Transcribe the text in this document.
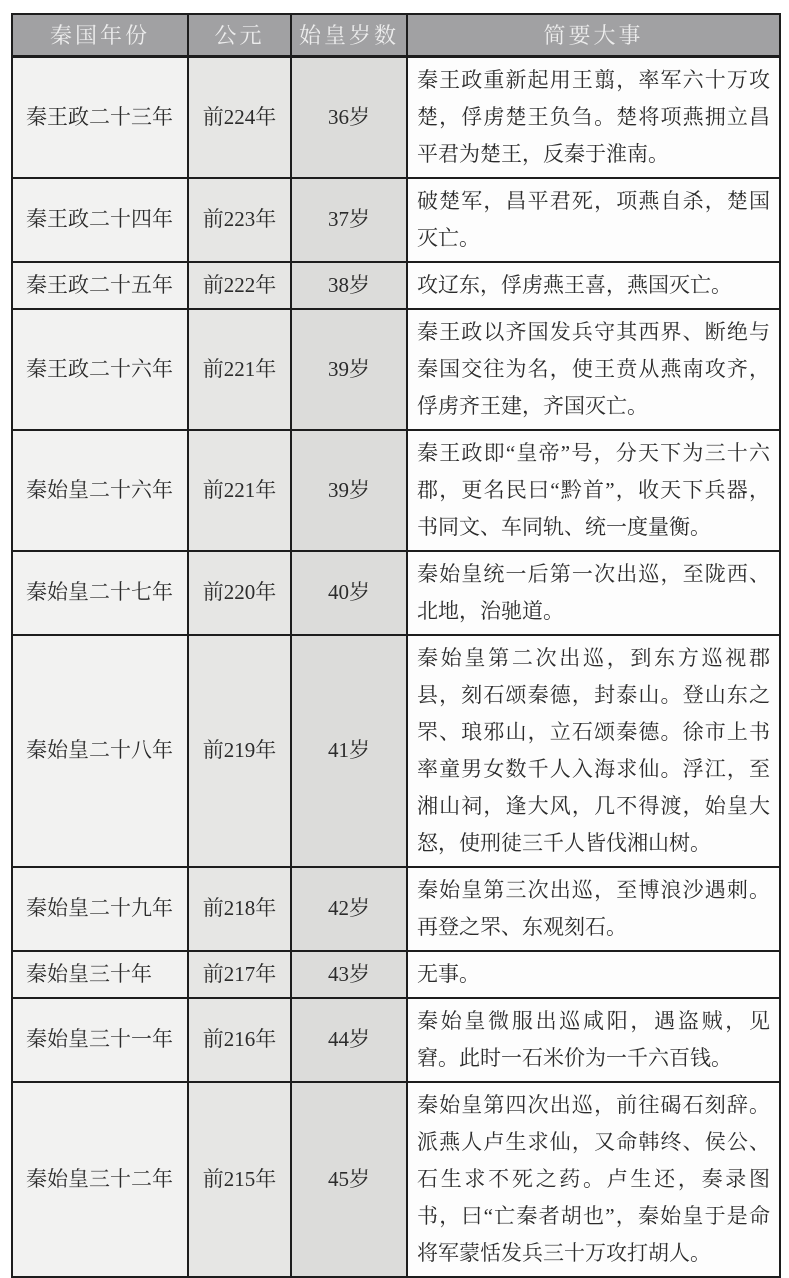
秦国年份	公元	始皇岁数	简要大事
秦王政二十三年	前224年	36岁	秦王政重新起用王翦，率军六十万攻楚，俘虏楚王负刍。楚将项燕拥立昌平君为楚王，反秦于淮南。
秦王政二十四年	前223年	37岁	破楚军，昌平君死，项燕自杀，楚国灭亡。
秦王政二十五年	前222年	38岁	攻辽东，俘虏燕王喜，燕国灭亡。
秦王政二十六年	前221年	39岁	秦王政以齐国发兵守其西界、断绝与秦国交往为名，使王贲从燕南攻齐，俘虏齐王建，齐国灭亡。
秦始皇二十六年	前221年	39岁	秦王政即“皇帝”号，分天下为三十六郡，更名民曰“黔首”，收天下兵器，书同文、车同轨、统一度量衡。
秦始皇二十七年	前220年	40岁	秦始皇统一后第一次出巡，至陇西、北地，治驰道。
秦始皇二十八年	前219年	41岁	秦始皇第二次出巡，到东方巡视郡县，刻石颂秦德，封泰山。登山东之罘、琅邪山，立石颂秦德。徐市上书率童男女数千人入海求仙。浮江，至湘山祠，逢大风，几不得渡，始皇大怒，使刑徒三千人皆伐湘山树。
秦始皇二十九年	前218年	42岁	秦始皇第三次出巡，至博浪沙遇刺。再登之罘、东观刻石。
秦始皇三十年	前217年	43岁	无事。
秦始皇三十一年	前216年	44岁	秦始皇微服出巡咸阳，遇盗贼，见窘。此时一石米价为一千六百钱。
秦始皇三十二年	前215年	45岁	秦始皇第四次出巡，前往碣石刻辞。派燕人卢生求仙，又命韩终、侯公、石生求不死之药。卢生还，奏录图书，曰“亡秦者胡也”，秦始皇于是命将军蒙恬发兵三十万攻打胡人。
